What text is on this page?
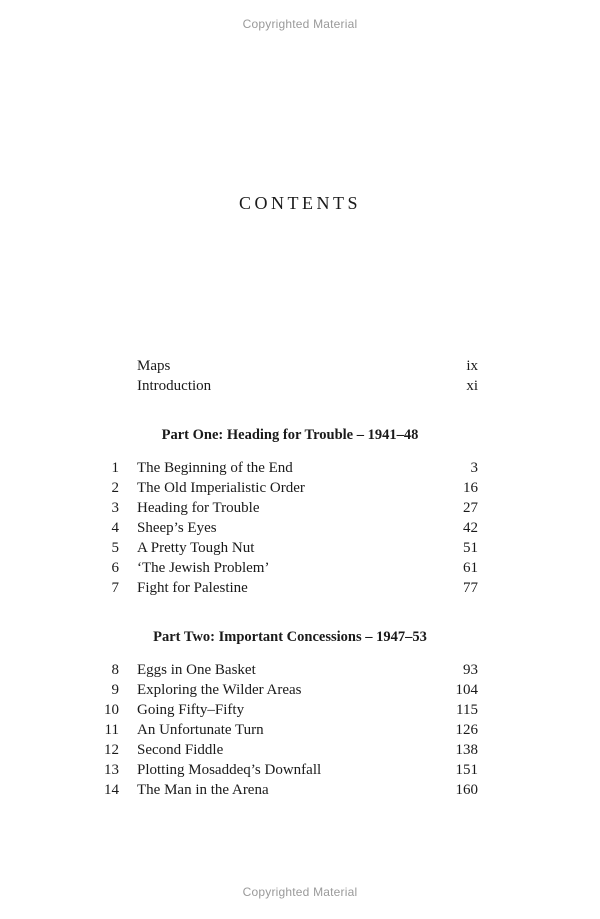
Copyrighted Material
CONTENTS
Maps	ix
Introduction	xi
Part One: Heading for Trouble – 1941–48
1 The Beginning of the End	3
2 The Old Imperialistic Order	16
3 Heading for Trouble	27
4 Sheep’s Eyes	42
5 A Pretty Tough Nut	51
6 ‘The Jewish Problem’	61
7 Fight for Palestine	77
Part Two: Important Concessions – 1947–53
8 Eggs in One Basket	93
9 Exploring the Wilder Areas	104
10 Going Fifty–Fifty	115
11 An Unfortunate Turn	126
12 Second Fiddle	138
13 Plotting Mosaddeq’s Downfall	151
14 The Man in the Arena	160
Copyrighted Material
